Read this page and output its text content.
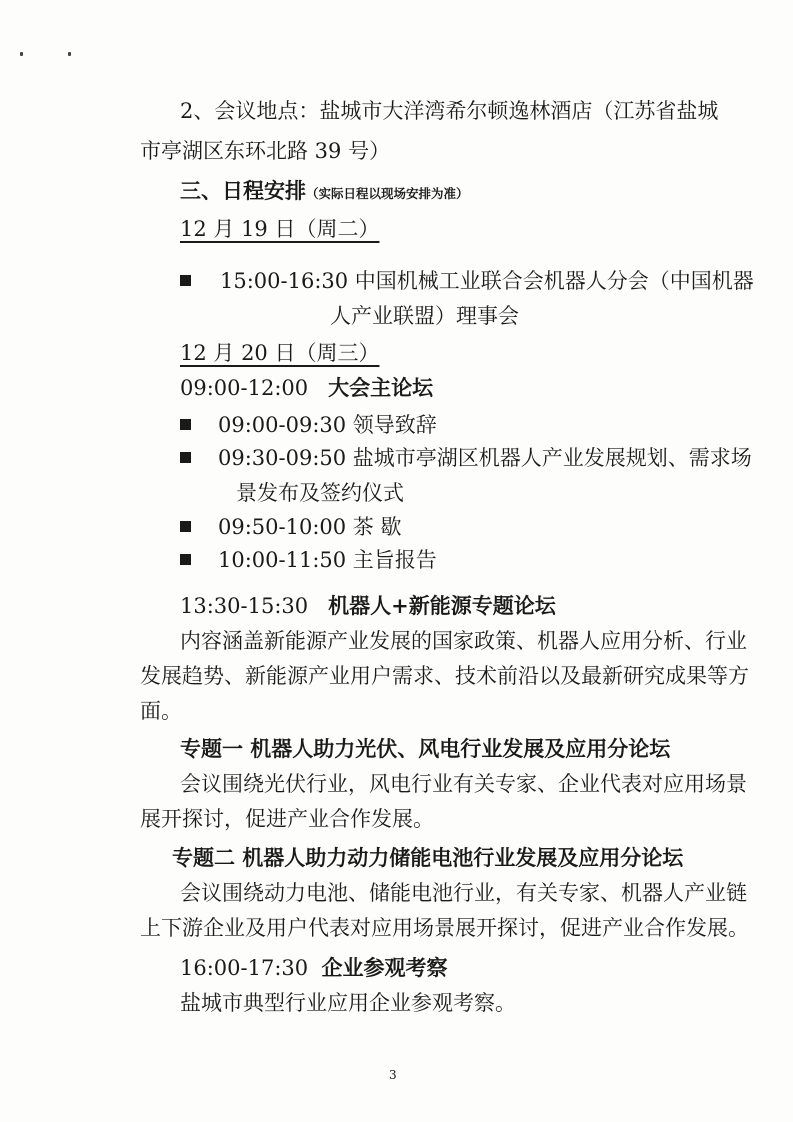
2、会议地点：盐城市大洋湾希尔顿逸林酒店（江苏省盐城
市亭湖区东环北路 39 号）
三、日程安排（实际日程以现场安排为准）
12 月 19 日（周二）
15:00-16:30 中国机械工业联合会机器人分会（中国机器
人产业联盟）理事会
12 月 20 日（周三）
09:00-12:00 大会主论坛
09:00-09:30 领导致辞
09:30-09:50 盐城市亭湖区机器人产业发展规划、需求场
景发布及签约仪式
09:50-10:00 茶 歇
10:00-11:50 主旨报告
13:30-15:30 机器人+新能源专题论坛
内容涵盖新能源产业发展的国家政策、机器人应用分析、行业
发展趋势、新能源产业用户需求、技术前沿以及最新研究成果等方
面。
专题一 机器人助力光伏、风电行业发展及应用分论坛
会议围绕光伏行业，风电行业有关专家、企业代表对应用场景
展开探讨，促进产业合作发展。
专题二 机器人助力动力储能电池行业发展及应用分论坛
会议围绕动力电池、储能电池行业，有关专家、机器人产业链
上下游企业及用户代表对应用场景展开探讨，促进产业合作发展。
16:00-17:30 企业参观考察
盐城市典型行业应用企业参观考察。
3
